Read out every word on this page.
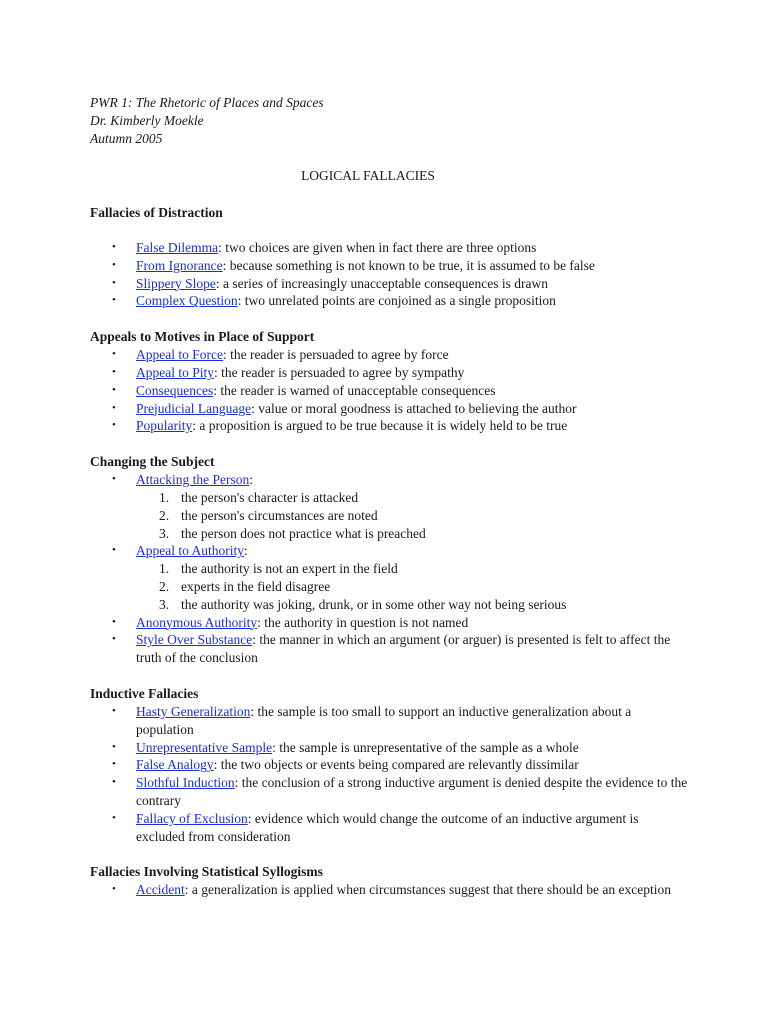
PWR 1: The Rhetoric of Places and Spaces

Dr. Kimberly Moekle

Autumn 2005

LOGICAL FALLACIES

Fallacies of Distraction

• False Dilemma: two choices are given when in fact there are three options
• From Ignorance: because something is not known to be true, it is assumed to be false
• Slippery Slope: a series of increasingly unacceptable consequences is drawn
• Complex Question: two unrelated points are conjoined as a single proposition

Appeals to Motives in Place of Support

• Appeal to Force: the reader is persuaded to agree by force
• Appeal to Pity: the reader is persuaded to agree by sympathy
• Consequences: the reader is warned of unacceptable consequences
• Prejudicial Language: value or moral goodness is attached to believing the author
• Popularity: a proposition is argued to be true because it is widely held to be true

Changing the Subject

• Attacking the Person:
1. the person's character is attacked
2. the person's circumstances are noted
3. the person does not practice what is preached
• Appeal to Authority:
1. the authority is not an expert in the field
2. experts in the field disagree
3. the authority was joking, drunk, or in some other way not being serious
• Anonymous Authority: the authority in question is not named
• Style Over Substance: the manner in which an argument (or arguer) is presented is felt to affect the truth of the conclusion

Inductive Fallacies

• Hasty Generalization: the sample is too small to support an inductive generalization about a population
• Unrepresentative Sample: the sample is unrepresentative of the sample as a whole
• False Analogy: the two objects or events being compared are relevantly dissimilar
• Slothful Induction: the conclusion of a strong inductive argument is denied despite the evidence to the contrary
• Fallacy of Exclusion: evidence which would change the outcome of an inductive argument is excluded from consideration

Fallacies Involving Statistical Syllogisms

• Accident: a generalization is applied when circumstances suggest that there should be an exception
